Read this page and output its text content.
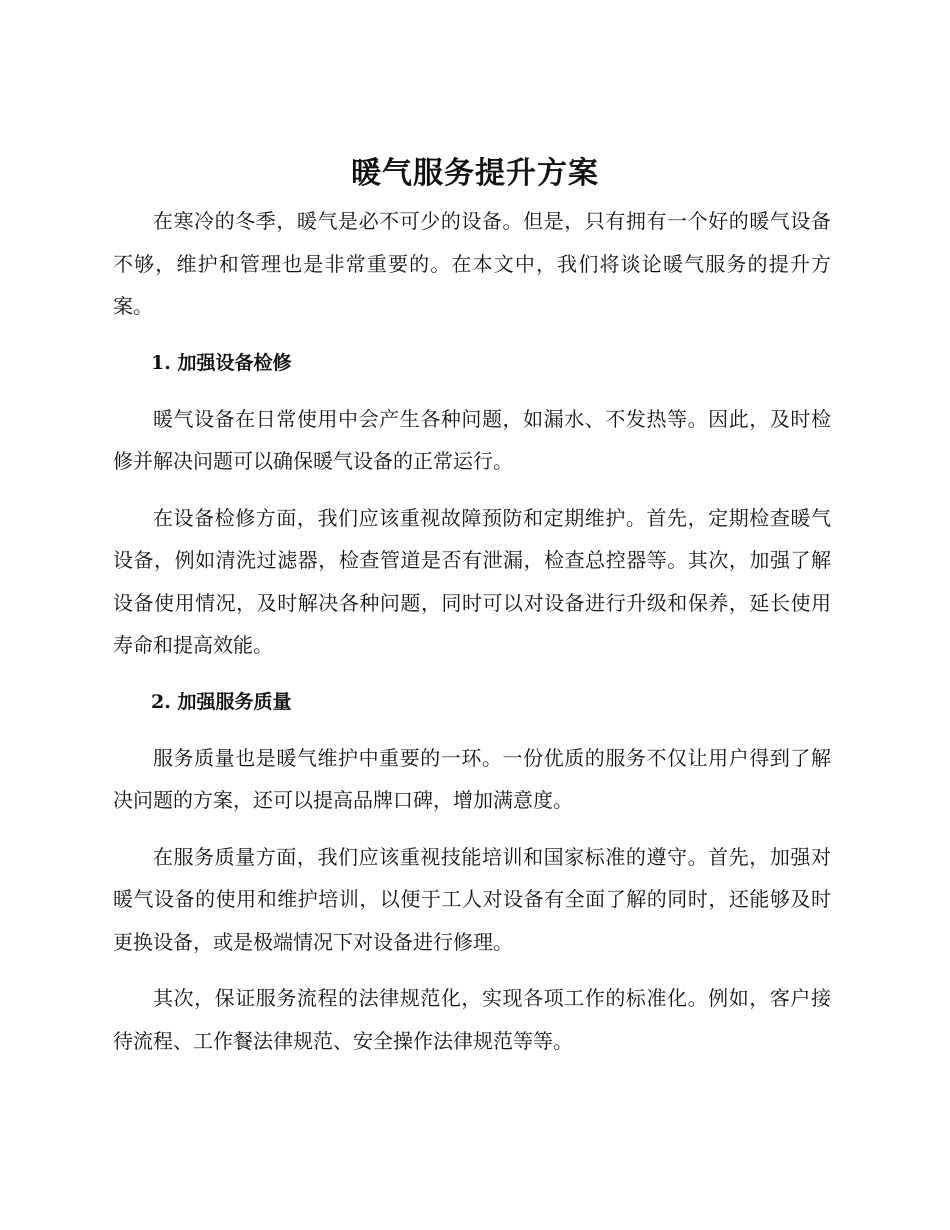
暖气服务提升方案

在寒冷的冬季，暖气是必不可少的设备。但是，只有拥有一个好的暖气设备不够，维护和管理也是非常重要的。在本文中，我们将谈论暖气服务的提升方案。

1. 加强设备检修

暖气设备在日常使用中会产生各种问题，如漏水、不发热等。因此，及时检修并解决问题可以确保暖气设备的正常运行。

在设备检修方面，我们应该重视故障预防和定期维护。首先，定期检查暖气设备，例如清洗过滤器，检查管道是否有泄漏，检查总控器等。其次，加强了解设备使用情况，及时解决各种问题，同时可以对设备进行升级和保养，延长使用寿命和提高效能。

2. 加强服务质量

服务质量也是暖气维护中重要的一环。一份优质的服务不仅让用户得到了解决问题的方案，还可以提高品牌口碑，增加满意度。

在服务质量方面，我们应该重视技能培训和国家标准的遵守。首先，加强对暖气设备的使用和维护培训，以便于工人对设备有全面了解的同时，还能够及时更换设备，或是极端情况下对设备进行修理。

其次，保证服务流程的法律规范化，实现各项工作的标准化。例如，客户接待流程、工作餐法律规范、安全操作法律规范等等。
